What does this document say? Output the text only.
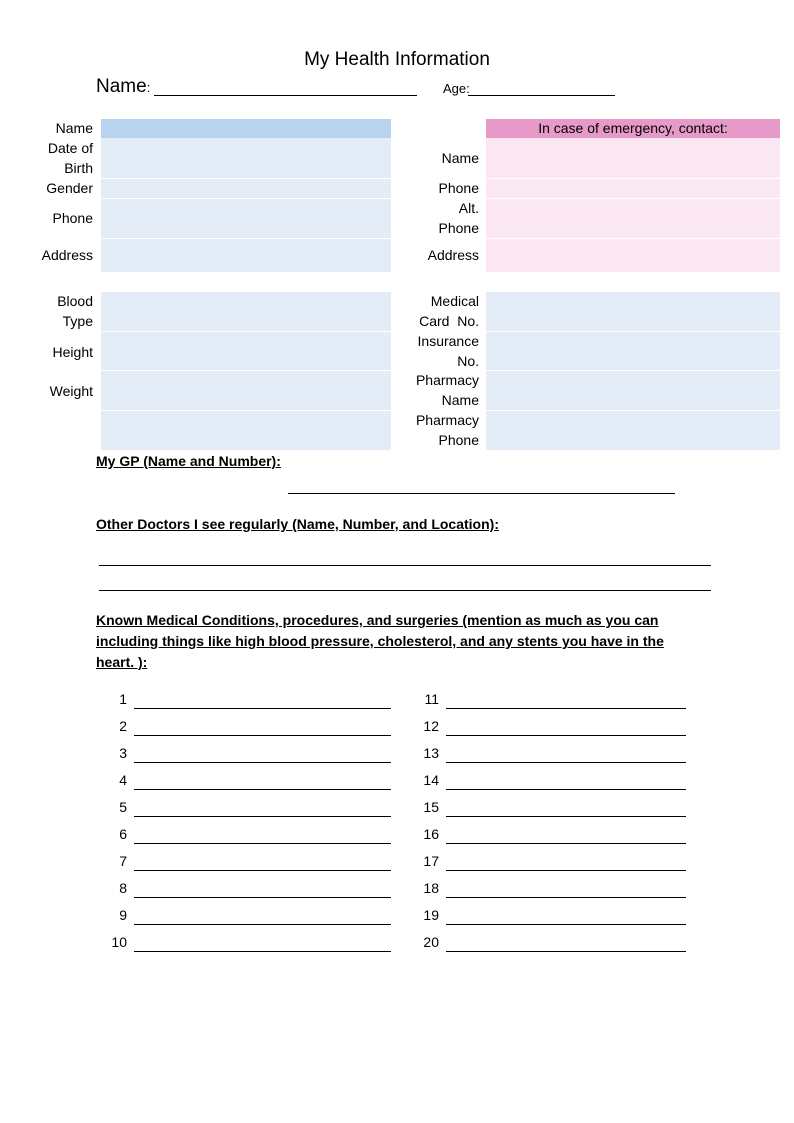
My Health Information
Name:	Age:
Name
Date of
Birth
Gender
Phone
Address
In case of emergency, contact:
Name
Phone
Alt.
Phone
Address
Blood
Type
Height
Weight
Medical
Card  No.
Insurance
No.
Pharmacy
Name
Pharmacy
Phone
My GP (Name and Number):
Other Doctors I see regularly (Name, Number, and Location):
Known Medical Conditions, procedures, and surgeries (mention as much as you can
including things like high blood pressure, cholesterol, and any stents you have in the
heart. ):
1
2
3
4
5
6
7
8
9
10
11
12
13
14
15
16
17
18
19
20
